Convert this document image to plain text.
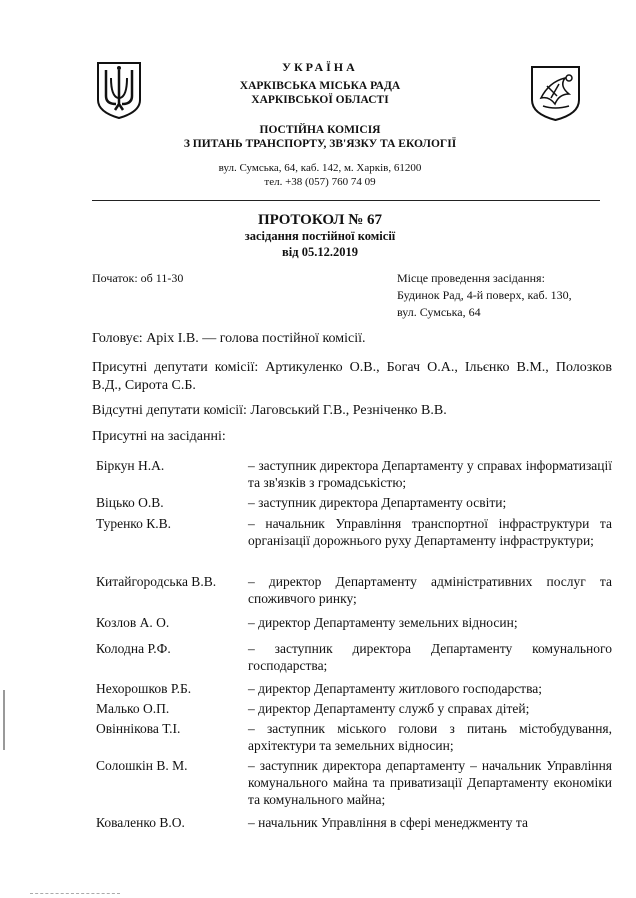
УКРАЇНА
ХАРКІВСЬКА МІСЬКА РАДА
ХАРКІВСЬКОЇ ОБЛАСТІ
ПОСТІЙНА КОМІСІЯ
З ПИТАНЬ ТРАНСПОРТУ, ЗВ'ЯЗКУ ТА ЕКОЛОГІЇ
вул. Сумська, 64, каб. 142, м. Харків, 61200
тел. +38 (057) 760 74 09
ПРОТОКОЛ № 67
засідання постійної комісії
від 05.12.2019
Початок: об 11-30	Місце проведення засідання:
Будинок Рад, 4-й поверх, каб. 130,
вул. Сумська, 64
Головує: Аріх І.В. — голова постійної комісії.
Присутні депутати комісії: Артикуленко О.В., Богач О.А., Ільєнко В.М., Полозков В.Д., Сирота С.Б.
Відсутні депутати комісії: Лаговський Г.В., Резніченко В.В.
Присутні на засіданні:
Біркун Н.А.	– заступник директора Департаменту у справах інформатизації та зв'язків з громадськістю;
Віцько О.В.	– заступник директора Департаменту освіти;
Туренко К.В.	– начальник Управління транспортної інфраструктури та організації дорожнього руху Департаменту інфраструктури;
Китайгородська В.В.	– директор Департаменту адміністративних послуг та споживчого ринку;
Козлов А. О.	– директор Департаменту земельних відносин;
Колодна Р.Ф.	– заступник директора Департаменту комунального господарства;
Нехорошков Р.Б.	– директор Департаменту житлового господарства;
Малько О.П.	– директор Департаменту служб у справах дітей;
Овіннікова Т.І.	– заступник міського голови з питань містобудування, архітектури та земельних відносин;
Солошкін В. М.	– заступник директора департаменту – начальник Управління комунального майна та приватизації Департаменту економіки та комунального майна;
Коваленко В.О.	– начальник Управління в сфері менеджменту та
